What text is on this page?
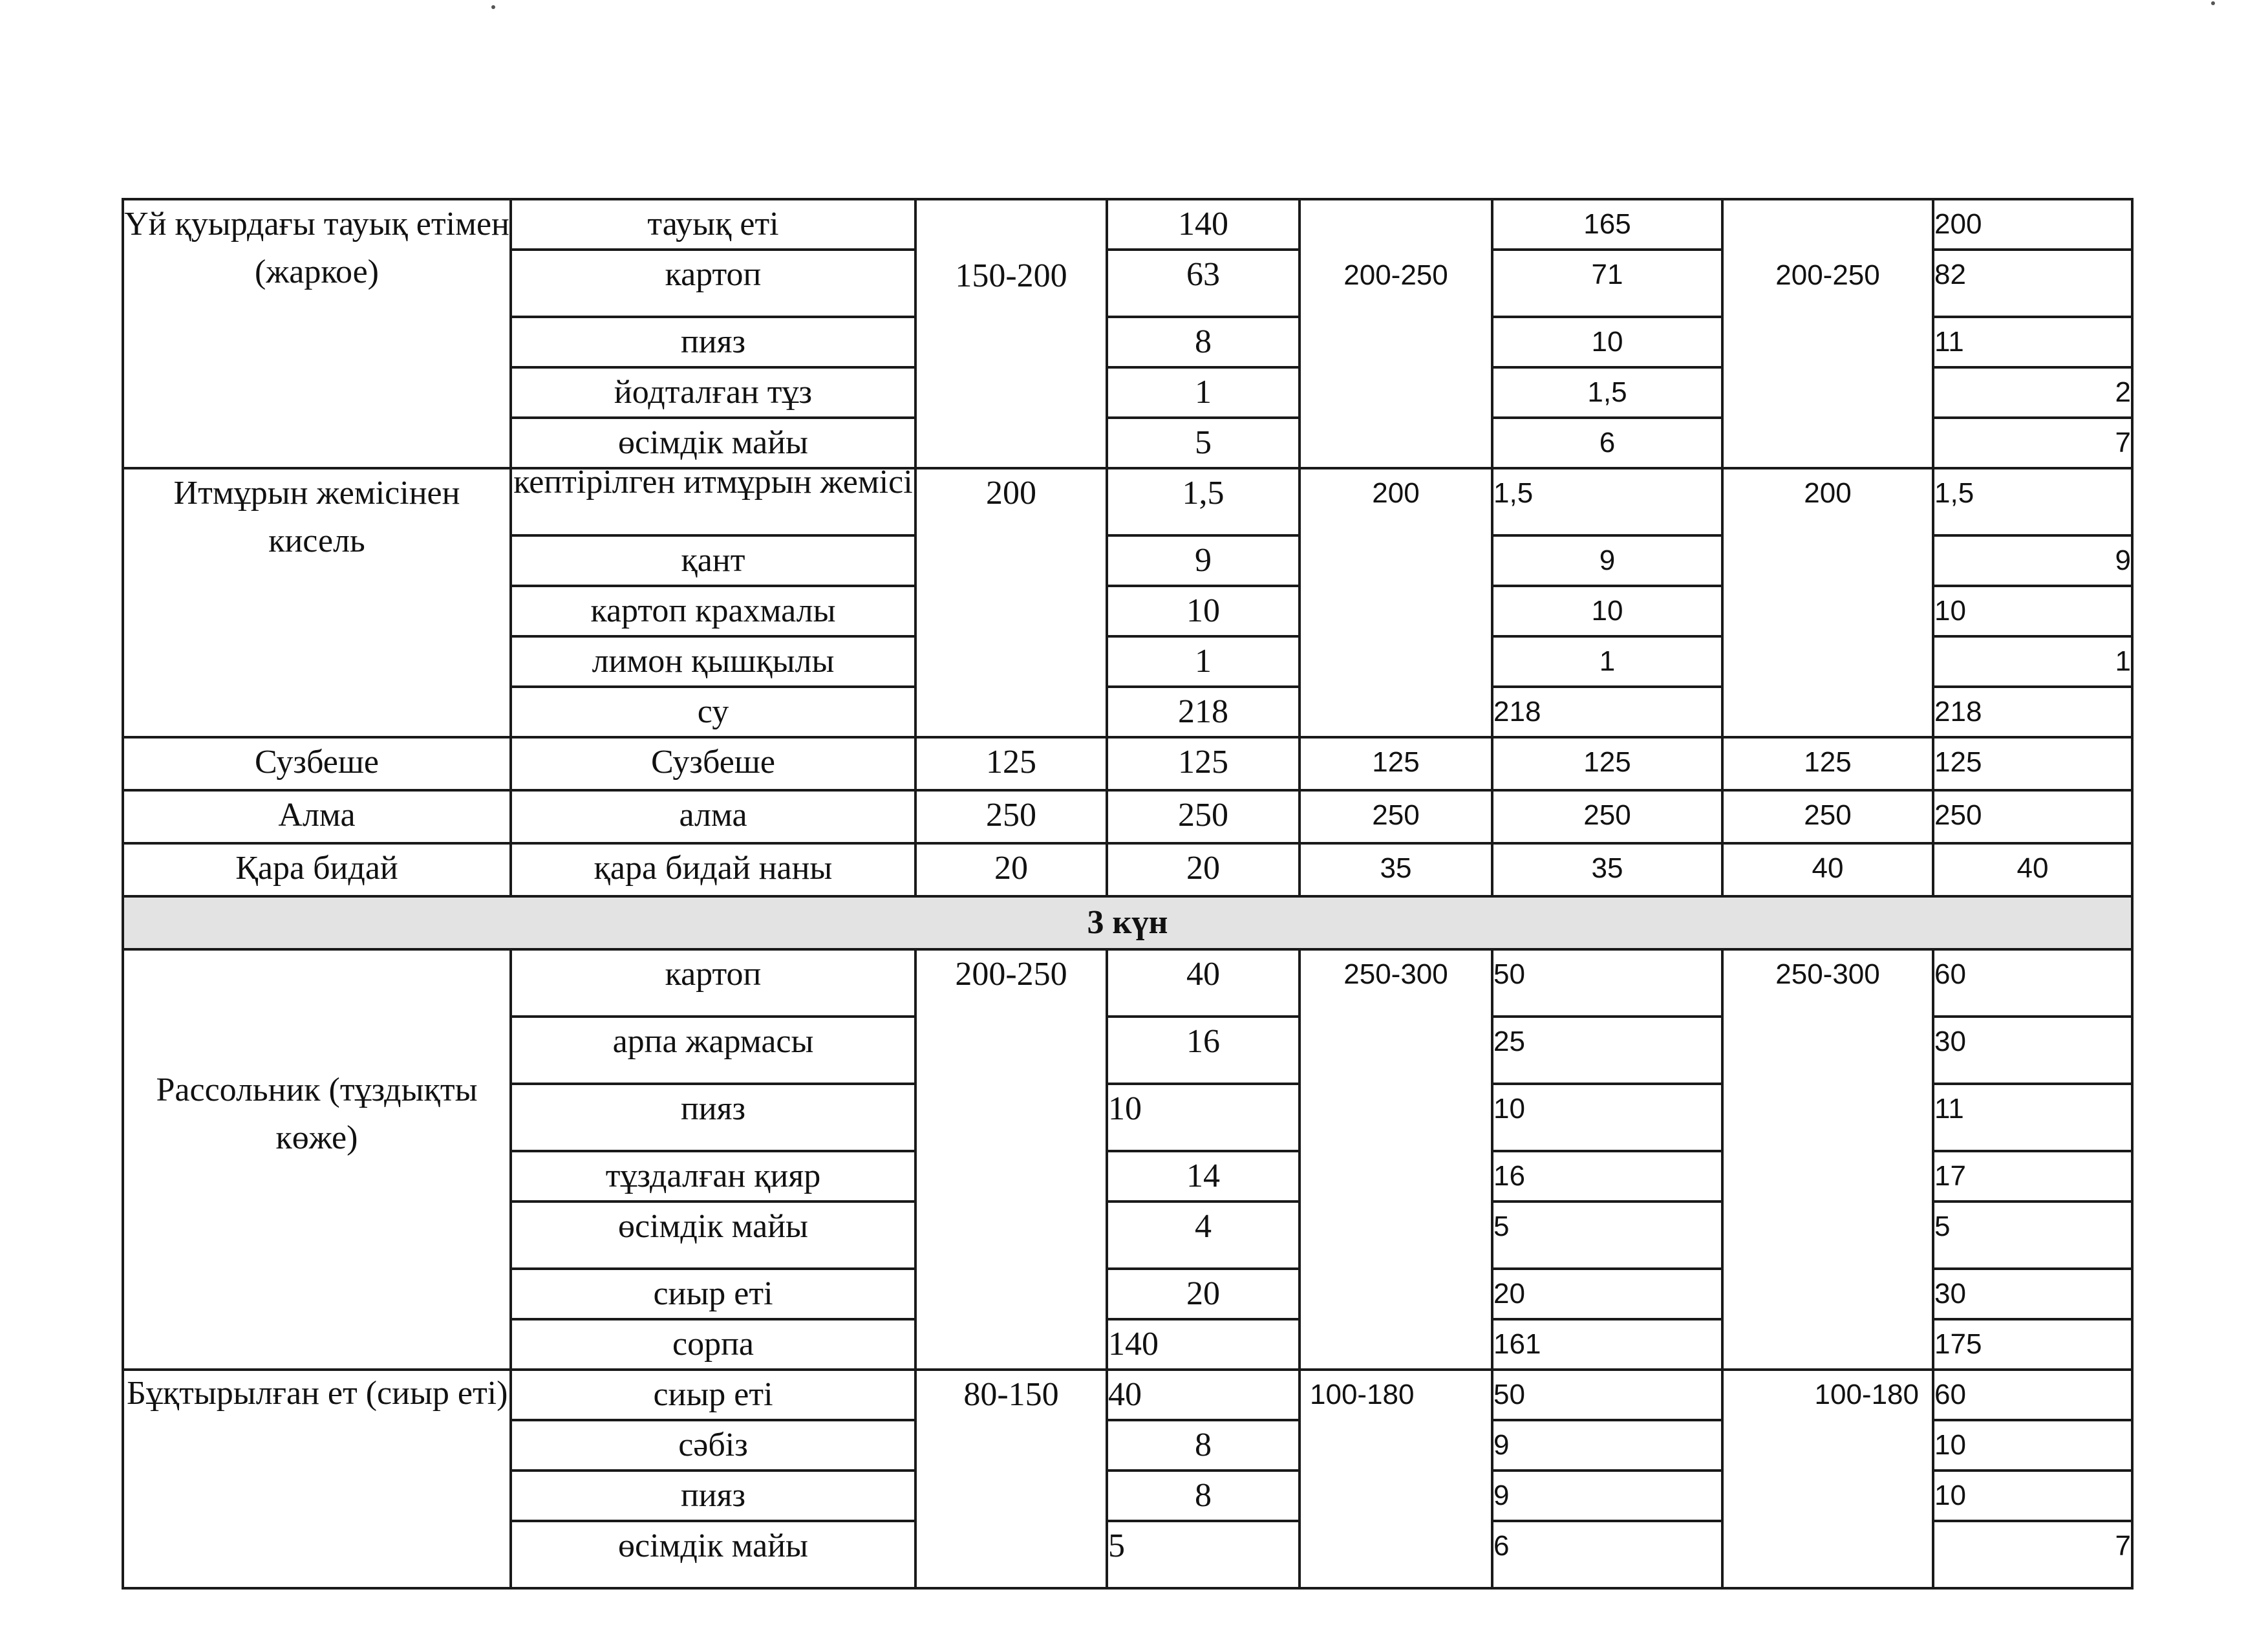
Үй қуырдағы тауық етімен (жаркое)	тауық еті	150-200	140	200-250	165	200-250	200
	картоп		63		71		82
	пияз		8		10		11
	йодталған тұз		1		1,5		2
	өсімдік майы		5		6		7
Итмұрын жемісінен кисель	кептірілген итмұрын жемісі	200	1,5	200	1,5	200	1,5
	қант		9		9		9
	картоп крахмалы		10		10		10
	лимон қышқылы		1		1		1
	су		218		218		218
Сузбеше	Сузбеше	125	125	125	125	125	125
Алма	алма	250	250	250	250	250	250
Қара бидай	қара бидай наны	20	20	35	35	40	40
3 күн							
Рассольник (тұздықты көже)	картоп	200-250	40	250-300	50	250-300	60
	арпа жармасы		16		25		30
	пияз		10		10		11
	тұздалған қияр		14		16		17
	өсімдік майы		4		5		5
	сиыр еті		20		20		30
	сорпа		140		161		175
Бұқтырылған ет (сиыр еті)	сиыр еті	80-150	40	100-180	50	100-180	60
	сәбіз		8		9		10
	пияз		8		9		10
	өсімдік майы		5		6		7
